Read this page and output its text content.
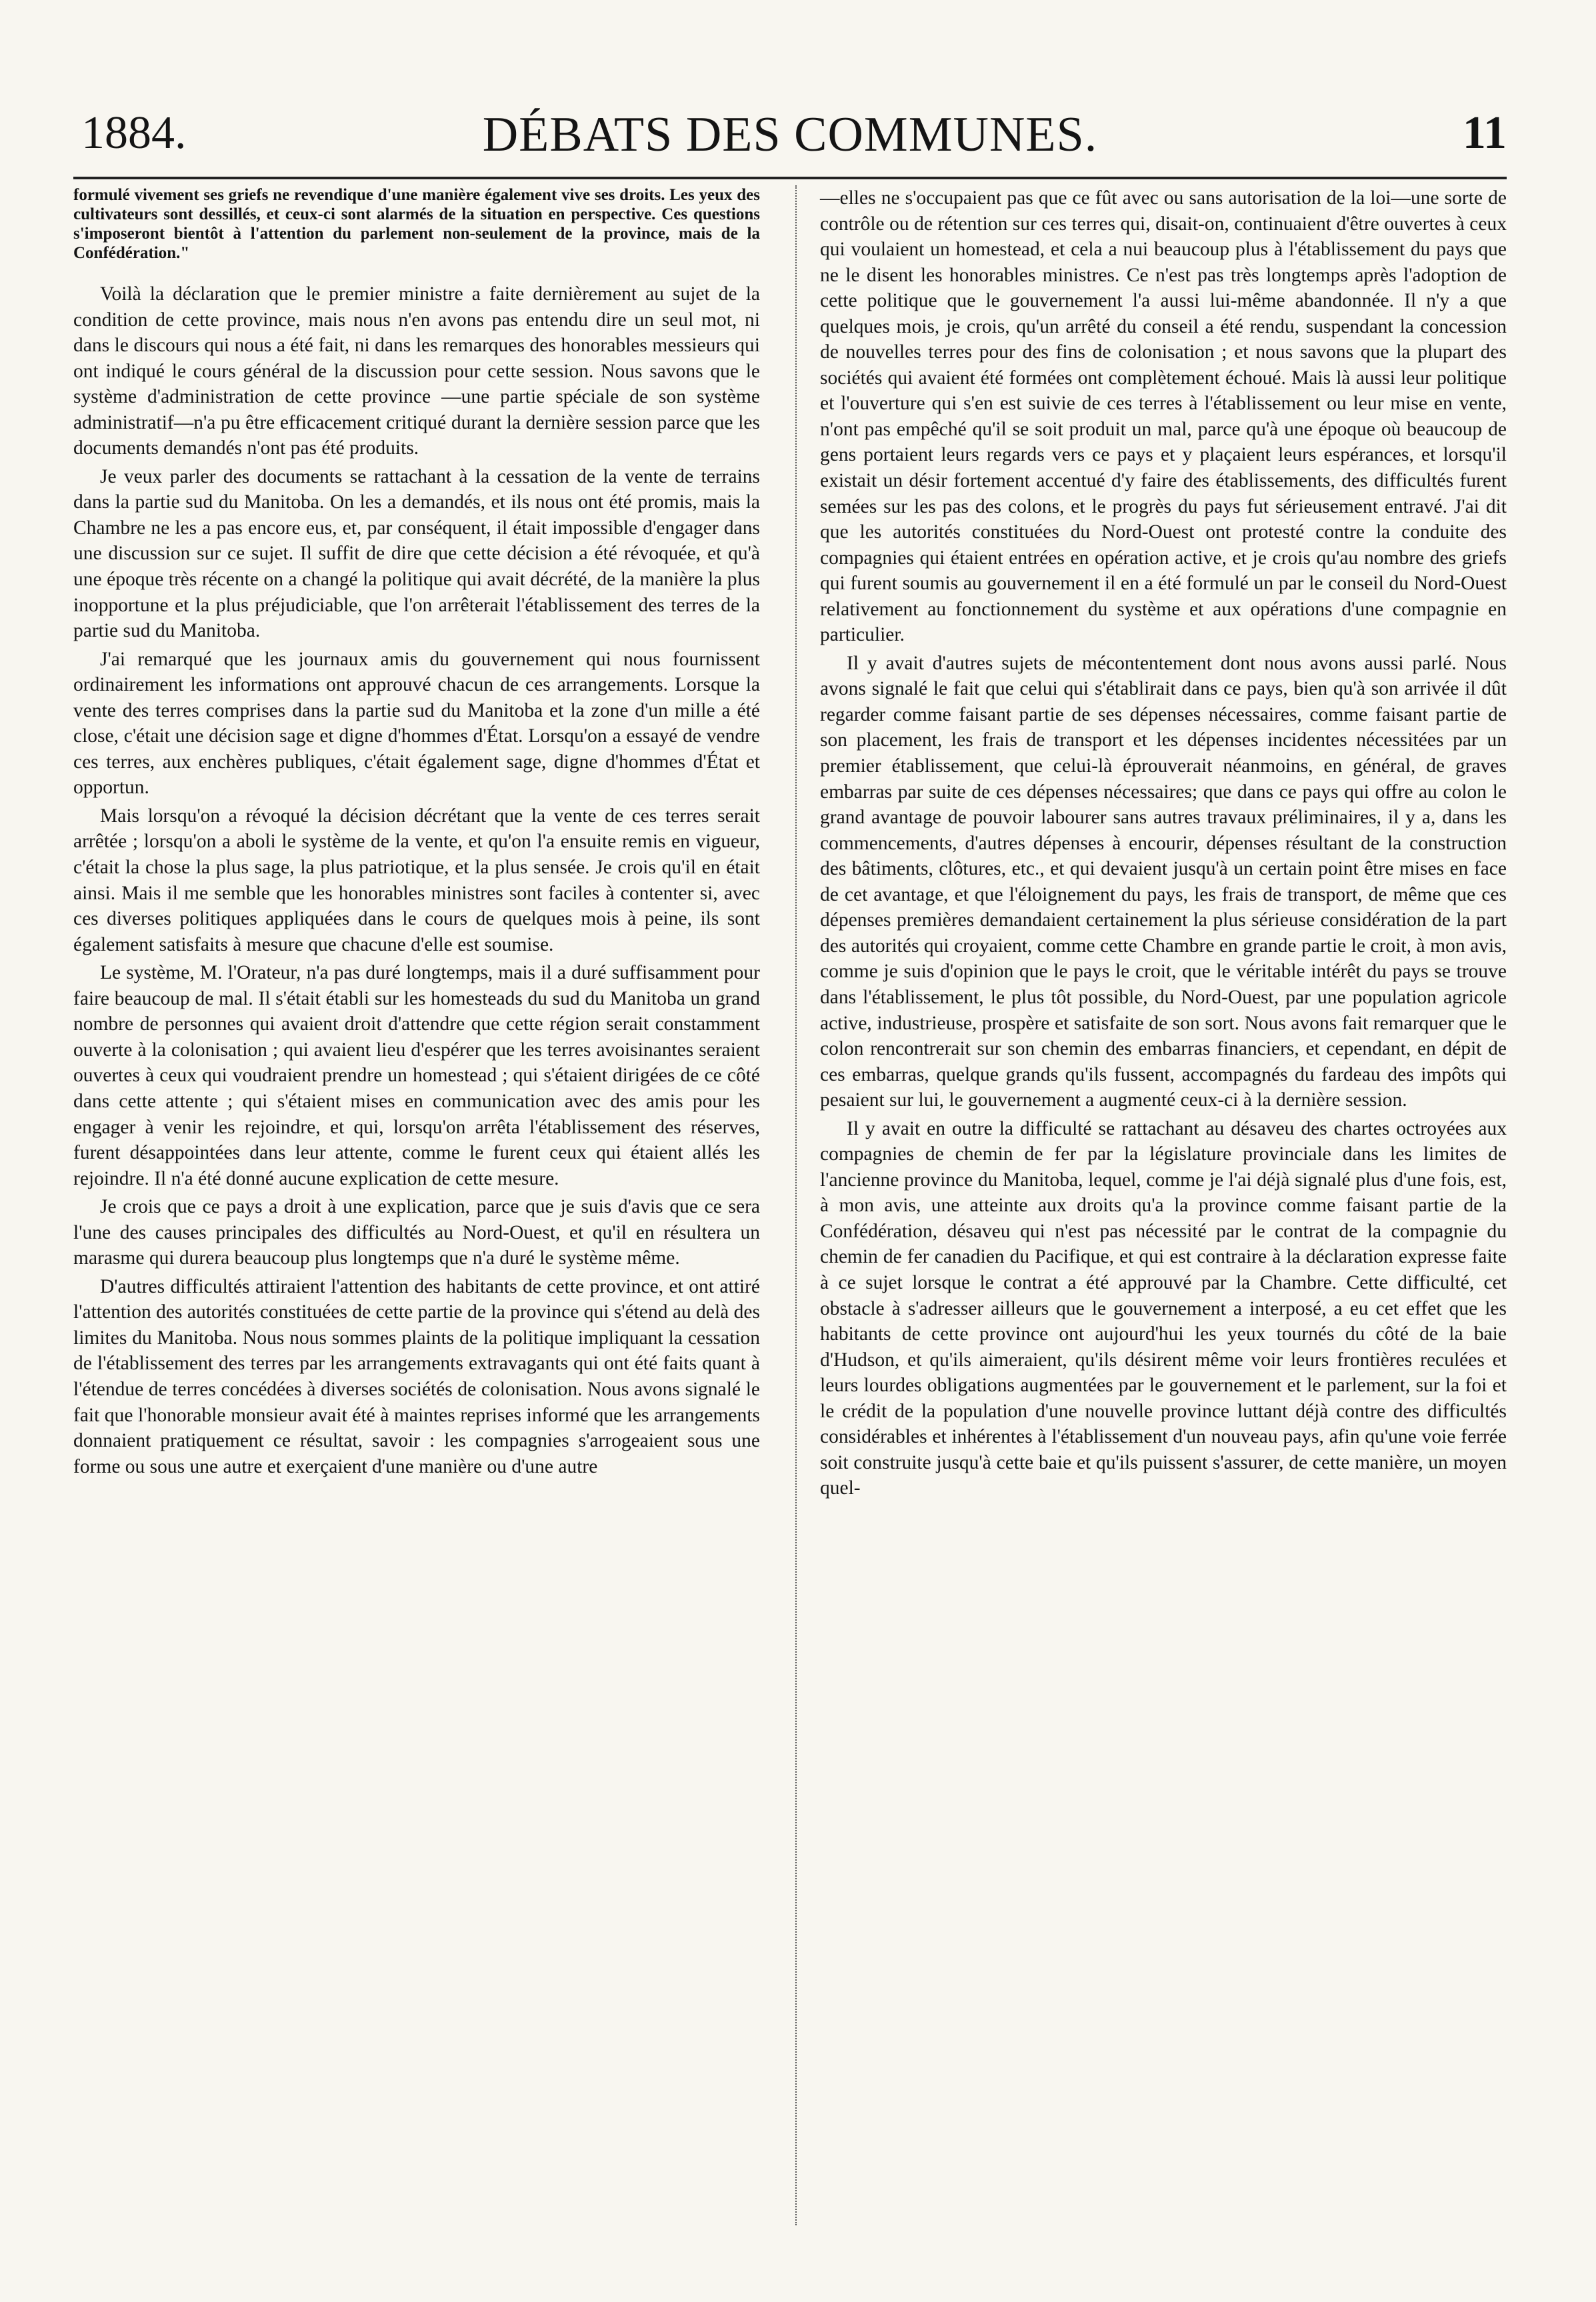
1884.	DÉBATS DES COMMUNES.	11

formulé vivement ses griefs ne revendique d'une manière également vive ses droits. Les yeux des cultivateurs sont dessillés, et ceux-ci sont alarmés de la situation en perspective. Ces questions s'imposeront bientôt à l'attention du parlement non-seulement de la province, mais de la Confédération."

Voilà la déclaration que le premier ministre a faite dernièrement au sujet de la condition de cette province, mais nous n'en avons pas entendu dire un seul mot, ni dans le discours qui nous a été fait, ni dans les remarques des honorables messieurs qui ont indiqué le cours général de la discussion pour cette session. Nous savons que le système d'administration de cette province —une partie spéciale de son système administratif—n'a pu être efficacement critiqué durant la dernière session parce que les documents demandés n'ont pas été produits.

Je veux parler des documents se rattachant à la cessation de la vente de terrains dans la partie sud du Manitoba. On les a demandés, et ils nous ont été promis, mais la Chambre ne les a pas encore eus, et, par conséquent, il était impossible d'engager dans une discussion sur ce sujet. Il suffit de dire que cette décision a été révoquée, et qu'à une époque très récente on a changé la politique qui avait décrété, de la manière la plus inopportune et la plus préjudiciable, que l'on arrêterait l'établissement des terres de la partie sud du Manitoba.

J'ai remarqué que les journaux amis du gouvernement qui nous fournissent ordinairement les informations ont approuvé chacun de ces arrangements. Lorsque la vente des terres comprises dans la partie sud du Manitoba et la zone d'un mille a été close, c'était une décision sage et digne d'hommes d'État. Lorsqu'on a essayé de vendre ces terres, aux enchères publiques, c'était également sage, digne d'hommes d'État et opportun.

Mais lorsqu'on a révoqué la décision décrétant que la vente de ces terres serait arrêtée ; lorsqu'on a aboli le système de la vente, et qu'on l'a ensuite remis en vigueur, c'était la chose la plus sage, la plus patriotique, et la plus sensée. Je crois qu'il en était ainsi. Mais il me semble que les honorables ministres sont faciles à contenter si, avec ces diverses politiques appliquées dans le cours de quelques mois à peine, ils sont également satisfaits à mesure que chacune d'elle est soumise.

Le système, M. l'Orateur, n'a pas duré longtemps, mais il a duré suffisamment pour faire beaucoup de mal. Il s'était établi sur les homesteads du sud du Manitoba un grand nombre de personnes qui avaient droit d'attendre que cette région serait constamment ouverte à la colonisation ; qui avaient lieu d'espérer que les terres avoisinantes seraient ouvertes à ceux qui voudraient prendre un homestead ; qui s'étaient dirigées de ce côté dans cette attente ; qui s'étaient mises en communication avec des amis pour les engager à venir les rejoindre, et qui, lorsqu'on arrêta l'établissement des réserves, furent désappointées dans leur attente, comme le furent ceux qui étaient allés les rejoindre. Il n'a été donné aucune explication de cette mesure.

Je crois que ce pays a droit à une explication, parce que je suis d'avis que ce sera l'une des causes principales des difficultés au Nord-Ouest, et qu'il en résultera un marasme qui durera beaucoup plus longtemps que n'a duré le système même.

D'autres difficultés attiraient l'attention des habitants de cette province, et ont attiré l'attention des autorités constituées de cette partie de la province qui s'étend au delà des limites du Manitoba. Nous nous sommes plaints de la politique impliquant la cessation de l'établissement des terres par les arrangements extravagants qui ont été faits quant à l'étendue de terres concédées à diverses sociétés de colonisation. Nous avons signalé le fait que l'honorable monsieur avait été à maintes reprises informé que les arrangements donnaient pratiquement ce résultat, savoir : les compagnies s'arrogeaient sous une forme ou sous une autre et exerçaient d'une manière ou d'une autre

—elles ne s'occupaient pas que ce fût avec ou sans autorisation de la loi—une sorte de contrôle ou de rétention sur ces terres qui, disait-on, continuaient d'être ouvertes à ceux qui voulaient un homestead, et cela a nui beaucoup plus à l'établissement du pays que ne le disent les honorables ministres. Ce n'est pas très longtemps après l'adoption de cette politique que le gouvernement l'a aussi lui-même abandonnée. Il n'y a que quelques mois, je crois, qu'un arrêté du conseil a été rendu, suspendant la concession de nouvelles terres pour des fins de colonisation ; et nous savons que la plupart des sociétés qui avaient été formées ont complètement échoué. Mais là aussi leur politique et l'ouverture qui s'en est suivie de ces terres à l'établissement ou leur mise en vente, n'ont pas empêché qu'il se soit produit un mal, parce qu'à une époque où beaucoup de gens portaient leurs regards vers ce pays et y plaçaient leurs espérances, et lorsqu'il existait un désir fortement accentué d'y faire des établissements, des difficultés furent semées sur les pas des colons, et le progrès du pays fut sérieusement entravé. J'ai dit que les autorités constituées du Nord-Ouest ont protesté contre la conduite des compagnies qui étaient entrées en opération active, et je crois qu'au nombre des griefs qui furent soumis au gouvernement il en a été formulé un par le conseil du Nord-Ouest relativement au fonctionnement du système et aux opérations d'une compagnie en particulier.

Il y avait d'autres sujets de mécontentement dont nous avons aussi parlé. Nous avons signalé le fait que celui qui s'établirait dans ce pays, bien qu'à son arrivée il dût regarder comme faisant partie de ses dépenses nécessaires, comme faisant partie de son placement, les frais de transport et les dépenses incidentes nécessitées par un premier établissement, que celui-là éprouverait néanmoins, en général, de graves embarras par suite de ces dépenses nécessaires; que dans ce pays qui offre au colon le grand avantage de pouvoir labourer sans autres travaux préliminaires, il y a, dans les commencements, d'autres dépenses à encourir, dépenses résultant de la construction des bâtiments, clôtures, etc., et qui devaient jusqu'à un certain point être mises en face de cet avantage, et que l'éloignement du pays, les frais de transport, de même que ces dépenses premières demandaient certainement la plus sérieuse considération de la part des autorités qui croyaient, comme cette Chambre en grande partie le croit, à mon avis, comme je suis d'opinion que le pays le croit, que le véritable intérêt du pays se trouve dans l'établissement, le plus tôt possible, du Nord-Ouest, par une population agricole active, industrieuse, prospère et satisfaite de son sort. Nous avons fait remarquer que le colon rencontrerait sur son chemin des embarras financiers, et cependant, en dépit de ces embarras, quelque grands qu'ils fussent, accompagnés du fardeau des impôts qui pesaient sur lui, le gouvernement a augmenté ceux-ci à la dernière session.

Il y avait en outre la difficulté se rattachant au désaveu des chartes octroyées aux compagnies de chemin de fer par la législature provinciale dans les limites de l'ancienne province du Manitoba, lequel, comme je l'ai déjà signalé plus d'une fois, est, à mon avis, une atteinte aux droits qu'a la province comme faisant partie de la Confédération, désaveu qui n'est pas nécessité par le contrat de la compagnie du chemin de fer canadien du Pacifique, et qui est contraire à la déclaration expresse faite à ce sujet lorsque le contrat a été approuvé par la Chambre. Cette difficulté, cet obstacle à s'adresser ailleurs que le gouvernement a interposé, a eu cet effet que les habitants de cette province ont aujourd'hui les yeux tournés du côté de la baie d'Hudson, et qu'ils aimeraient, qu'ils désirent même voir leurs frontières reculées et leurs lourdes obligations augmentées par le gouvernement et le parlement, sur la foi et le crédit de la population d'une nouvelle province luttant déjà contre des difficultés considérables et inhérentes à l'établissement d'un nouveau pays, afin qu'une voie ferrée soit construite jusqu'à cette baie et qu'ils puissent s'assurer, de cette manière, un moyen quel-
